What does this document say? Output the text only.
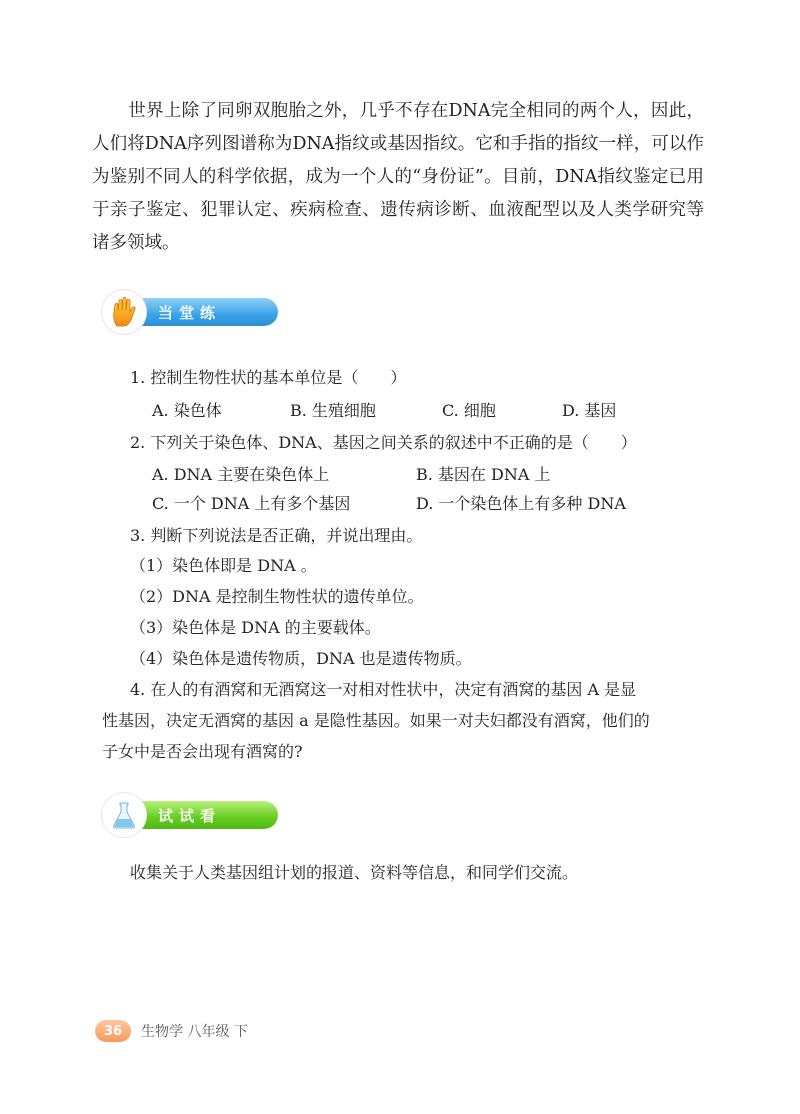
世界上除了同卵双胞胎之外，几乎不存在DNA完全相同的两个人，因此，人们将DNA序列图谱称为DNA指纹或基因指纹。它和手指的指纹一样，可以作为鉴别不同人的科学依据，成为一个人的“身份证”。目前，DNA指纹鉴定已用于亲子鉴定、犯罪认定、疾病检查、遗传病诊断、血液配型以及人类学研究等诸多领域。

当堂练
1. 控制生物性状的基本单位是（　　）
A. 染色体	B. 生殖细胞	C. 细胞	D. 基因
2. 下列关于染色体、DNA、基因之间关系的叙述中不正确的是（　　）
A. DNA 主要在染色体上	B. 基因在 DNA 上
C. 一个 DNA 上有多个基因	D. 一个染色体上有多种 DNA
3. 判断下列说法是否正确，并说出理由。
（1）染色体即是 DNA 。
（2）DNA 是控制生物性状的遗传单位。
（3）染色体是 DNA 的主要载体。
（4）染色体是遗传物质，DNA 也是遗传物质。
4. 在人的有酒窝和无酒窝这一对相对性状中，决定有酒窝的基因 A 是显
性基因，决定无酒窝的基因 a 是隐性基因。如果一对夫妇都没有酒窝，他们的
子女中是否会出现有酒窝的?
试试看
收集关于人类基因组计划的报道、资料等信息，和同学们交流。
36	生物学 八年级 下
